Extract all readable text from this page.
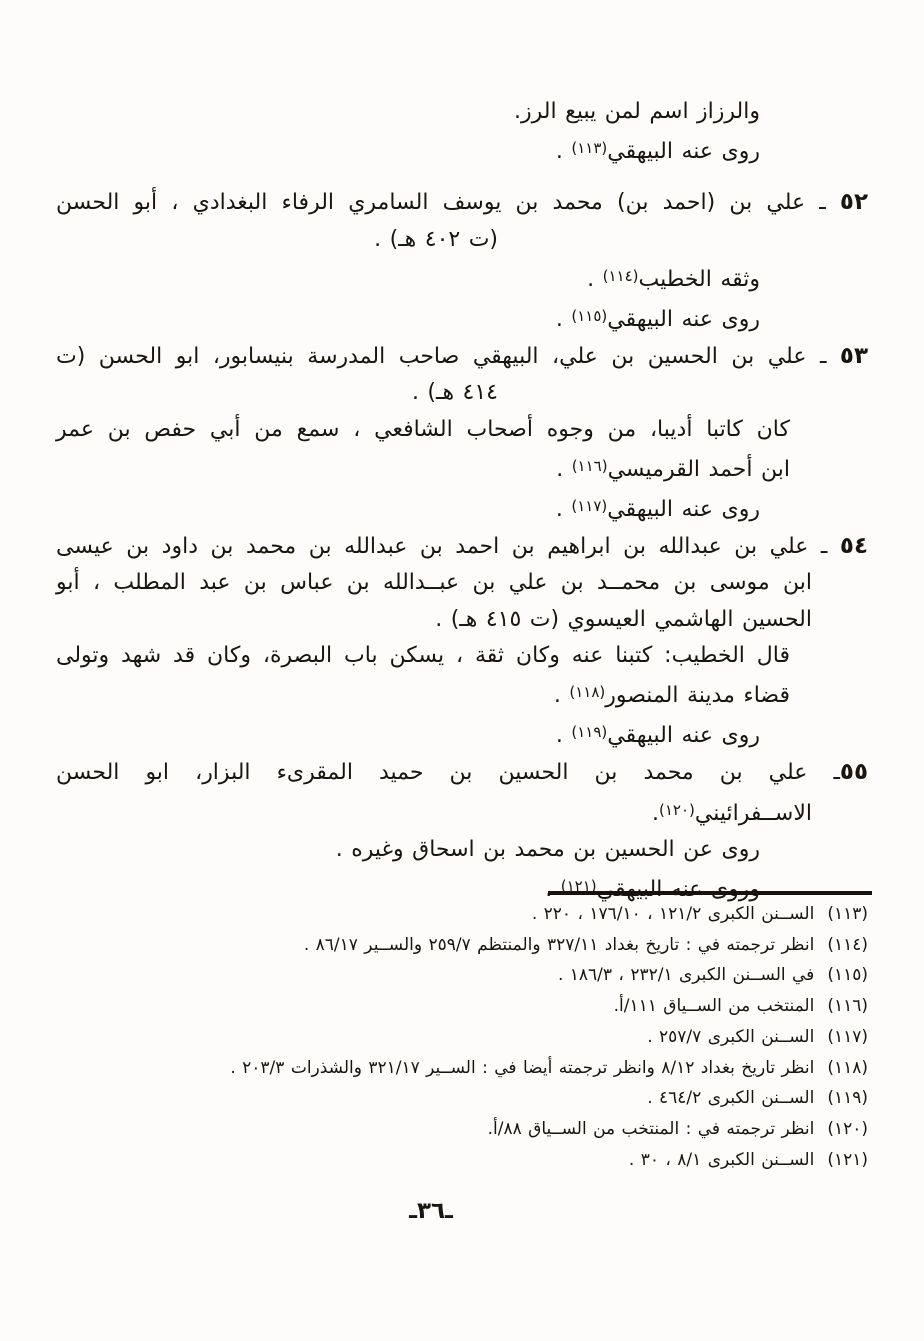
والرزاز اسم لمن يبيع الرز.
روى عنه البيهقي$^{(١١٣)}$ .
٥٢ ـ علي بن (احمد بن) محمد بن يوسف السامري الرفاء البغدادي ، أبو الحسن
(ت ٤٠٢ هـ) .
وثقه الخطيب$^{(١١٤)}$ .
روى عنه البيهقي$^{(١١٥)}$ .
٥٣ ـ علي بن الحسين بن علي، البيهقي صاحب المدرسة بنيسابور، ابو الحسن (ت
٤١٤ هـ) .
كان كاتبا أديبا، من وجوه أصحاب الشافعي ، سمع من أبي حفص بن عمر
ابن أحمد القرميسي$^{(١١٦)}$ .
روى عنه البيهقي$^{(١١٧)}$ .
٥٤ ـ علي بن عبدالله بن ابراهيم بن احمد بن عبدالله بن محمد بن داود بن عيسى
ابن موسى بن محمــد بن علي بن عبــدالله بن عباس بن عبد المطلب ، أبو
الحسين الهاشمي العيسوي (ت ٤١٥ هـ) .
قال الخطيب: كتبنا عنه وكان ثقة ، يسكن باب البصرة، وكان قد شهد وتولى
قضاء مدينة المنصور$^{(١١٨)}$ .
روى عنه البيهقي$^{(١١٩)}$ .
٥٥ـ علي بن محمد بن الحسين بن حميد المقرىء البزار، ابو الحسن
الاســفرائيني$^{(١٢٠)}$.
روى عن الحسين بن محمد بن اسحاق وغيره .
وروى عنه البيهقي$^{(١٢١)}$ .
(١١٣)الســنن الكبرى ١٢١/٢ ، ١٧٦/١٠ ، ٢٢٠ .
(١١٤)انظر ترجمته في : تاريخ بغداد ٣٢٧/١١ والمنتظم ٢٥٩/٧ والســير ٨٦/١٧ .
(١١٥)في الســنن الكبرى ٢٣٢/١ ، ١٨٦/٣ .
(١١٦)المنتخب من الســياق ١١١/أ.
(١١٧)الســنن الكبرى ٢٥٧/٧ .
(١١٨)انظر تاريخ بغداد ٨/١٢ وانظر ترجمته أيضا في : الســير ٣٢١/١٧ والشذرات ٢٠٣/٣ .
(١١٩)الســنن الكبرى ٤٦٤/٢ .
(١٢٠)انظر ترجمته في : المنتخب من الســياق ٨٨/أ.
(١٢١)الســنن الكبرى ٨/١ ، ٣٠ .
ـ٣٦ـ
